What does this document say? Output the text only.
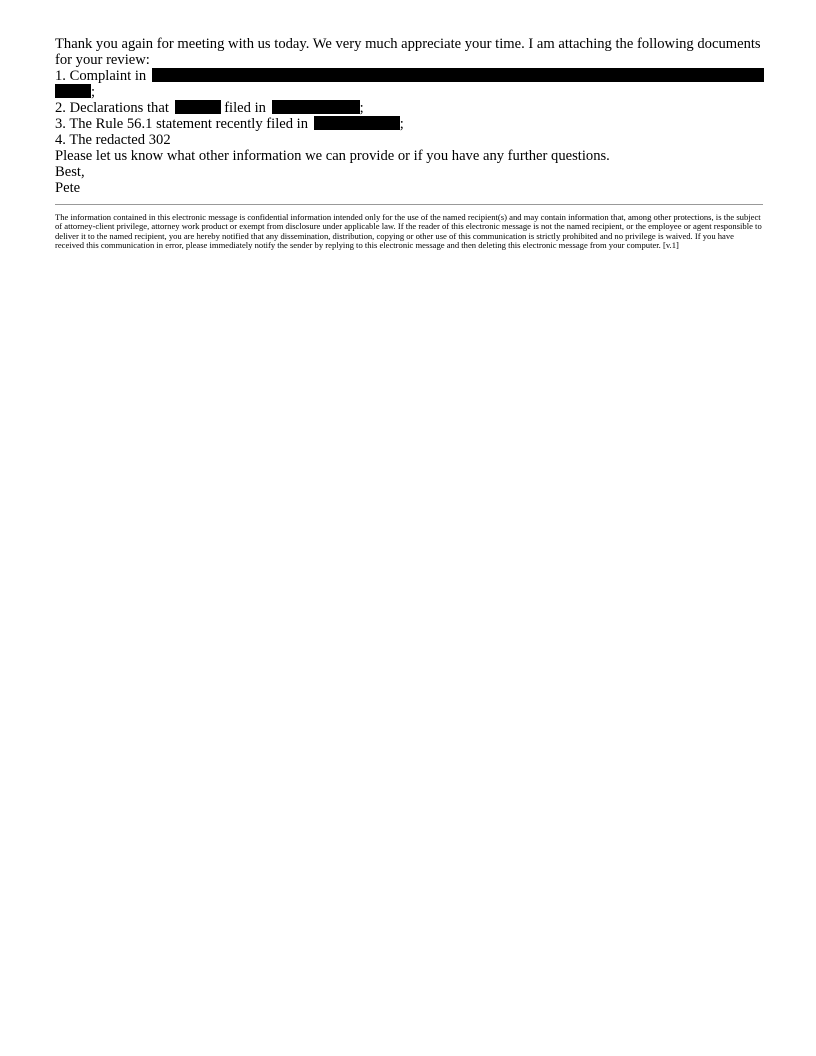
Thank you again for meeting with us today. We very much appreciate your time. I am attaching the following documents for your review:
1. Complaint in
;
2. Declarations that	filed in	;
3. The Rule 56.1 statement recently filed in	;
4. The redacted 302
Please let us know what other information we can provide or if you have any further questions.
Best,
Pete
The information contained in this electronic message is confidential information intended only for the use of the named recipient(s) and may contain information that, among other protections, is the subject of attorney-client privilege, attorney work product or exempt from disclosure under applicable law. If the reader of this electronic message is not the named recipient, or the employee or agent responsible to deliver it to the named recipient, you are hereby notified that any dissemination, distribution, copying or other use of this communication is strictly prohibited and no privilege is waived. If you have received this communication in error, please immediately notify the sender by replying to this electronic message and then deleting this electronic message from your computer. [v.1]
